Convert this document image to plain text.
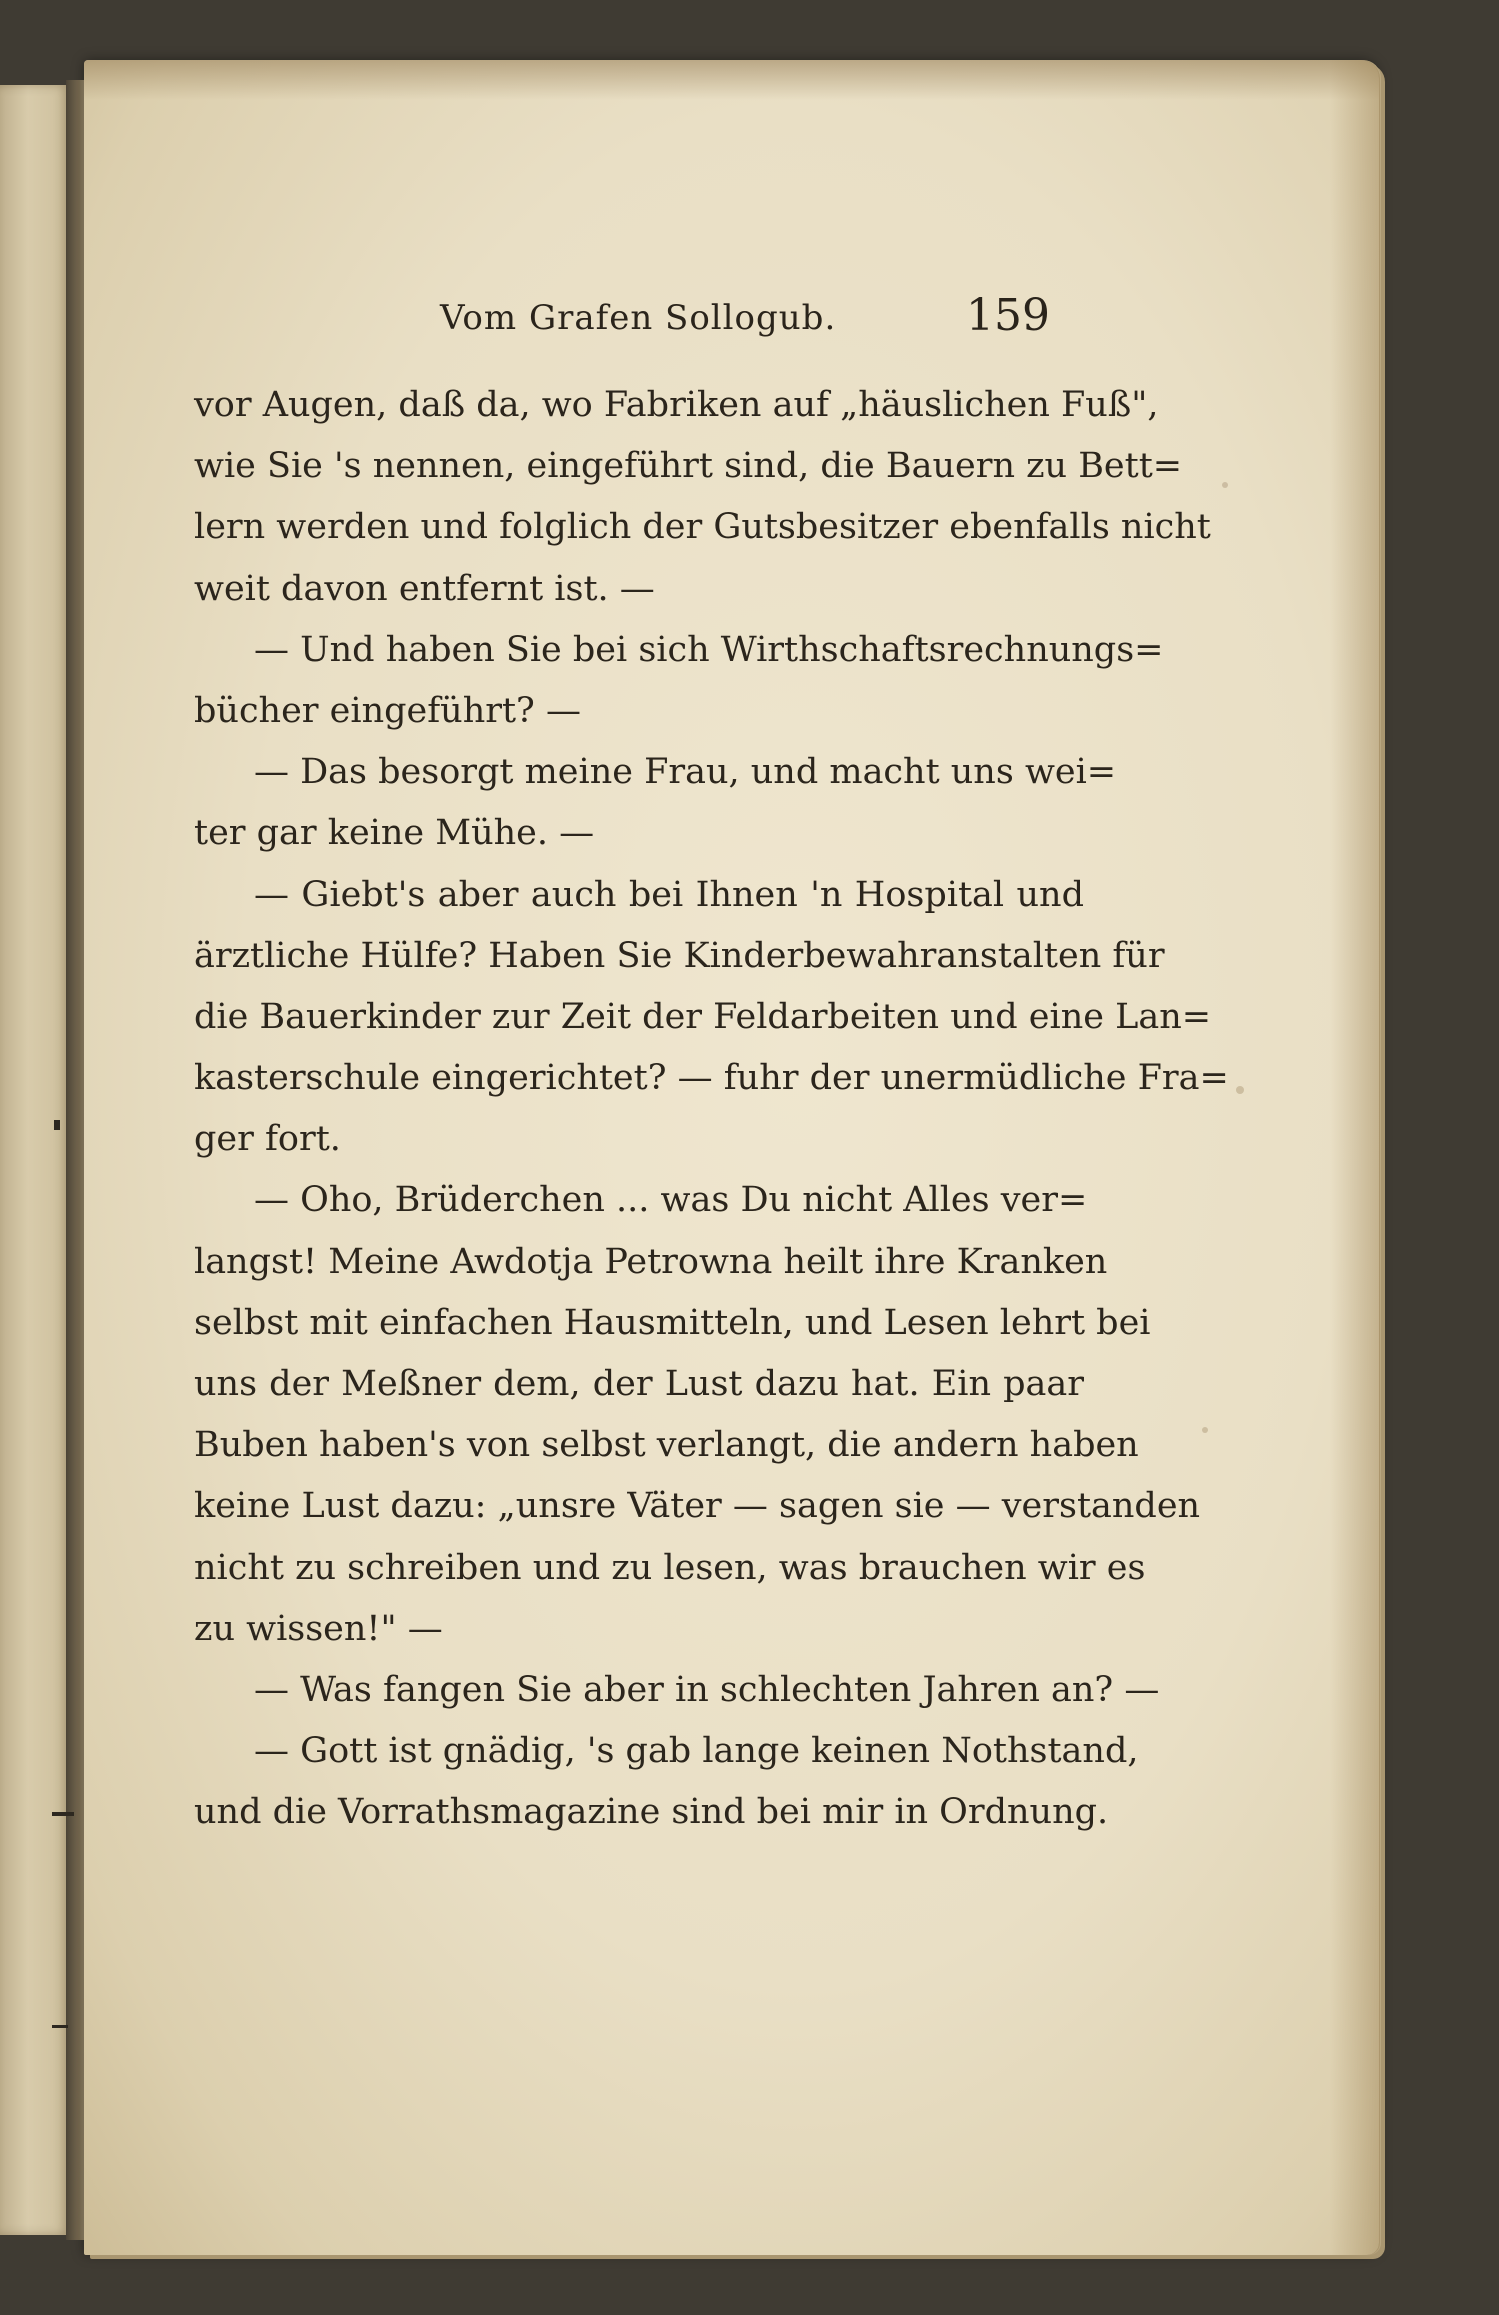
Vom Grafen Sollogub.	159
vor Augen, daß da, wo Fabriken auf „häuslichen Fuß",
wie Sie 's nennen, eingeführt sind, die Bauern zu Bett=
lern werden und folglich der Gutsbesitzer ebenfalls nicht
weit davon entfernt ist. —
— Und haben Sie bei sich Wirthschaftsrechnungs=
bücher eingeführt? —
— Das besorgt meine Frau, und macht uns wei=
ter gar keine Mühe. —
— Giebt's aber auch bei Ihnen 'n Hospital und
ärztliche Hülfe? Haben Sie Kinderbewahranstalten für
die Bauerkinder zur Zeit der Feldarbeiten und eine Lan=
kasterschule eingerichtet? — fuhr der unermüdliche Fra=
ger fort.
— Oho, Brüderchen ... was Du nicht Alles ver=
langst! Meine Awdotja Petrowna heilt ihre Kranken
selbst mit einfachen Hausmitteln, und Lesen lehrt bei
uns der Meßner dem, der Lust dazu hat. Ein paar
Buben haben's von selbst verlangt, die andern haben
keine Lust dazu: „unsre Väter — sagen sie — verstanden
nicht zu schreiben und zu lesen, was brauchen wir es
zu wissen!" —
— Was fangen Sie aber in schlechten Jahren an? —
— Gott ist gnädig, 's gab lange keinen Nothstand,
und die Vorrathsmagazine sind bei mir in Ordnung.
